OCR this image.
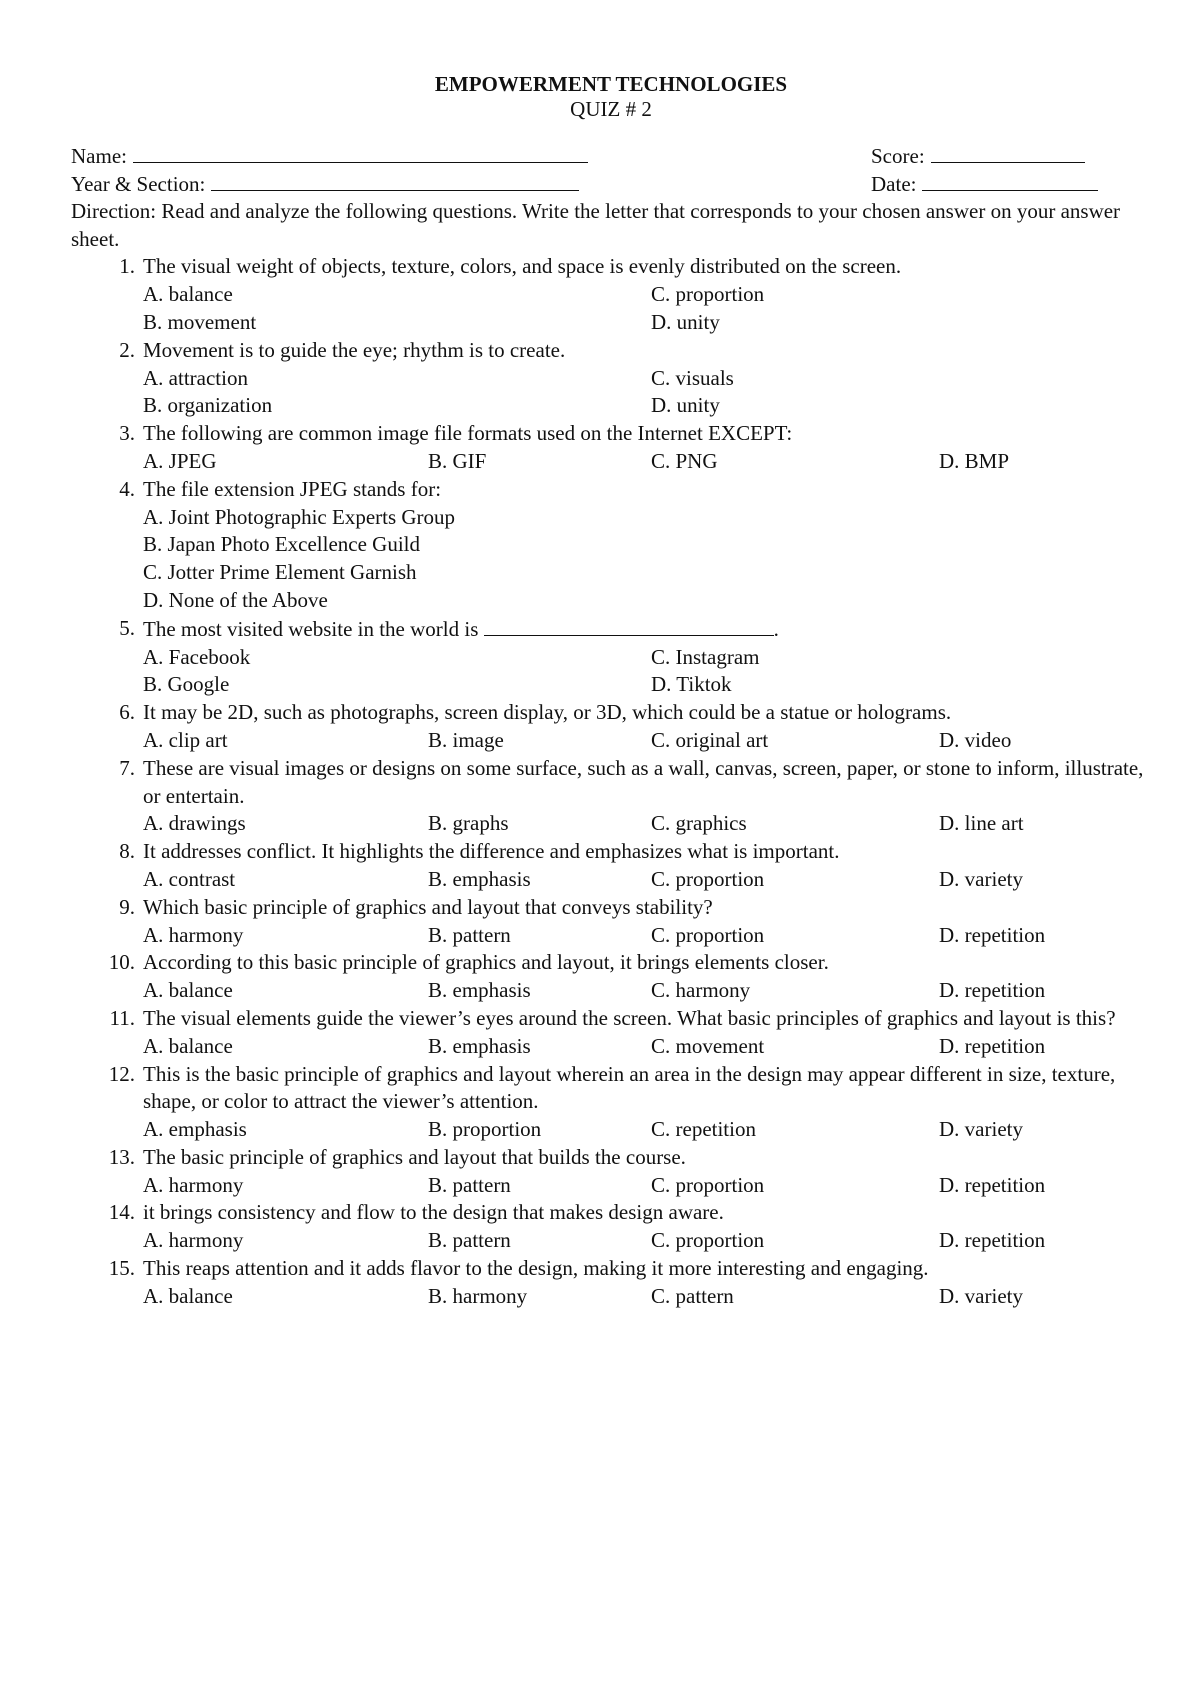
EMPOWERMENT TECHNOLOGIES
QUIZ # 2
Name:	Score:
Year & Section:	Date:
Direction: Read and analyze the following questions. Write the letter that corresponds to your chosen answer on your answer sheet.
1. The visual weight of objects, texture, colors, and space is evenly distributed on the screen.
A. balance	C. proportion
B. movement	D. unity
2. Movement is to guide the eye; rhythm is to create.
A. attraction	C. visuals
B. organization	D. unity
3. The following are common image file formats used on the Internet EXCEPT:
A. JPEG	B. GIF	C. PNG	D. BMP
4. The file extension JPEG stands for:
A. Joint Photographic Experts Group
B. Japan Photo Excellence Guild
C. Jotter Prime Element Garnish
D. None of the Above
5. The most visited website in the world is	.
A. Facebook	C. Instagram
B. Google	D. Tiktok
6. It may be 2D, such as photographs, screen display, or 3D, which could be a statue or holograms.
A. clip art	B. image	C. original art	D. video
7. These are visual images or designs on some surface, such as a wall, canvas, screen, paper, or stone to inform, illustrate, or entertain.
A. drawings	B. graphs	C. graphics	D. line art
8. It addresses conflict. It highlights the difference and emphasizes what is important.
A. contrast	B. emphasis	C. proportion	D. variety
9. Which basic principle of graphics and layout that conveys stability?
A. harmony	B. pattern	C. proportion	D. repetition
10. According to this basic principle of graphics and layout, it brings elements closer.
A. balance	B. emphasis	C. harmony	D. repetition
11. The visual elements guide the viewer’s eyes around the screen. What basic principles of graphics and layout is this?
A. balance	B. emphasis	C. movement	D. repetition
12. This is the basic principle of graphics and layout wherein an area in the design may appear different in size, texture, shape, or color to attract the viewer’s attention.
A. emphasis	B. proportion	C. repetition	D. variety
13. The basic principle of graphics and layout that builds the course.
A. harmony	B. pattern	C. proportion	D. repetition
14. it brings consistency and flow to the design that makes design aware.
A. harmony	B. pattern	C. proportion	D. repetition
15. This reaps attention and it adds flavor to the design, making it more interesting and engaging.
A. balance	B. harmony	C. pattern	D. variety
